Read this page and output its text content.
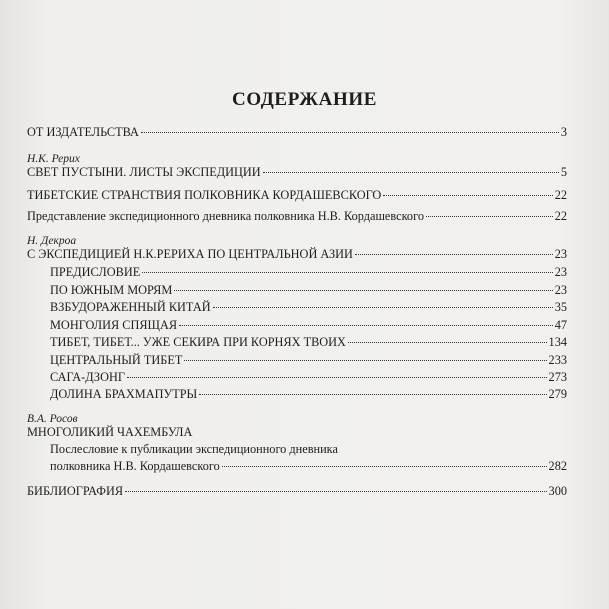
СОДЕРЖАНИЕ
ОТ ИЗДАТЕЛЬСТВА	3
Н.К. Рерих
СВЕТ ПУСТЫНИ. ЛИСТЫ ЭКСПЕДИЦИИ	5
ТИБЕТСКИЕ СТРАНСТВИЯ ПОЛКОВНИКА КОРДАШЕВСКОГО	22
Представление экспедиционного дневника полковника Н.В. Кордашевского	22
Н. Декроа
С ЭКСПЕДИЦИЕЙ Н.К.РЕРИХА ПО ЦЕНТРАЛЬНОЙ АЗИИ	23
ПРЕДИСЛОВИЕ	23
ПО ЮЖНЫМ МОРЯМ	23
ВЗБУДОРАЖЕННЫЙ КИТАЙ	35
МОНГОЛИЯ СПЯЩАЯ	47
ТИБЕТ, ТИБЕТ... УЖЕ СЕКИРА ПРИ КОРНЯХ ТВОИХ	134
ЦЕНТРАЛЬНЫЙ ТИБЕТ	233
САГА-ДЗОНГ	273
ДОЛИНА БРАХМАПУТРЫ	279
В.А. Росов
МНОГОЛИКИЙ ЧАХЕМБУЛА
Послесловие к публикации экспедиционного дневника
полковника Н.В. Кордашевского	282
БИБЛИОГРАФИЯ	300
